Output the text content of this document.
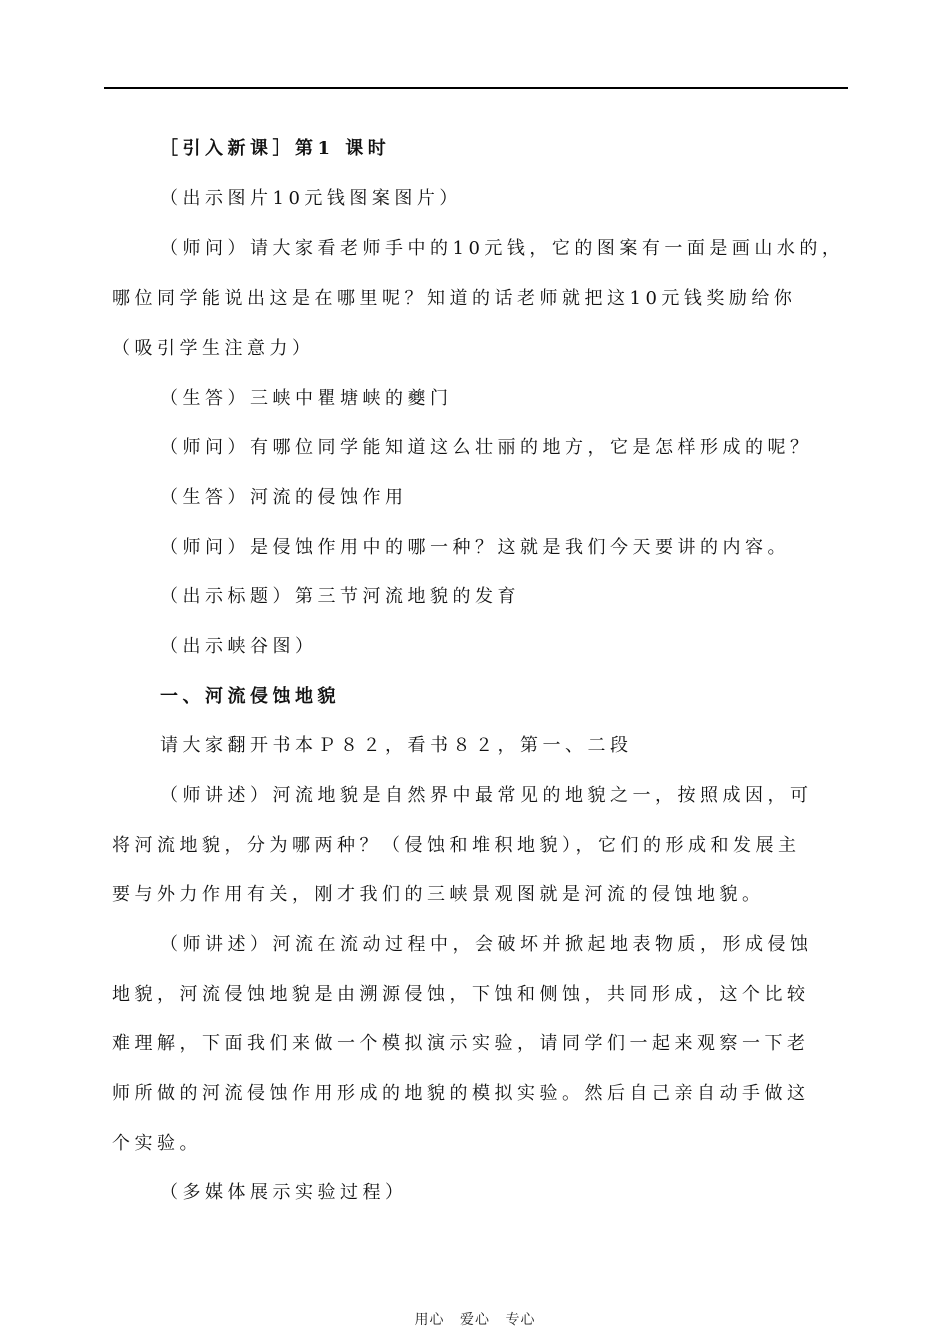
［引入新课］第1 课时
（出示图片10元钱图案图片）
（师问）请大家看老师手中的10元钱，它的图案有一面是画山水的，
哪位同学能说出这是在哪里呢？知道的话老师就把这10元钱奖励给你
（吸引学生注意力）
（生答）三峡中瞿塘峡的夔门
（师问）有哪位同学能知道这么壮丽的地方，它是怎样形成的呢？
（生答）河流的侵蚀作用
（师问）是侵蚀作用中的哪一种？这就是我们今天要讲的内容。
（出示标题）第三节河流地貌的发育
（出示峡谷图）
一、河流侵蚀地貌
请大家翻开书本Ｐ８２，看书８２，第一、二段
（师讲述）河流地貌是自然界中最常见的地貌之一，按照成因，可
将河流地貌，分为哪两种？（侵蚀和堆积地貌），它们的形成和发展主
要与外力作用有关，刚才我们的三峡景观图就是河流的侵蚀地貌。
（师讲述）河流在流动过程中，会破坏并掀起地表物质，形成侵蚀
地貌，河流侵蚀地貌是由溯源侵蚀，下蚀和侧蚀，共同形成，这个比较
难理解，下面我们来做一个模拟演示实验，请同学们一起来观察一下老
师所做的河流侵蚀作用形成的地貌的模拟实验。然后自己亲自动手做这
个实验。
（多媒体展示实验过程）
用心 爱心 专心
